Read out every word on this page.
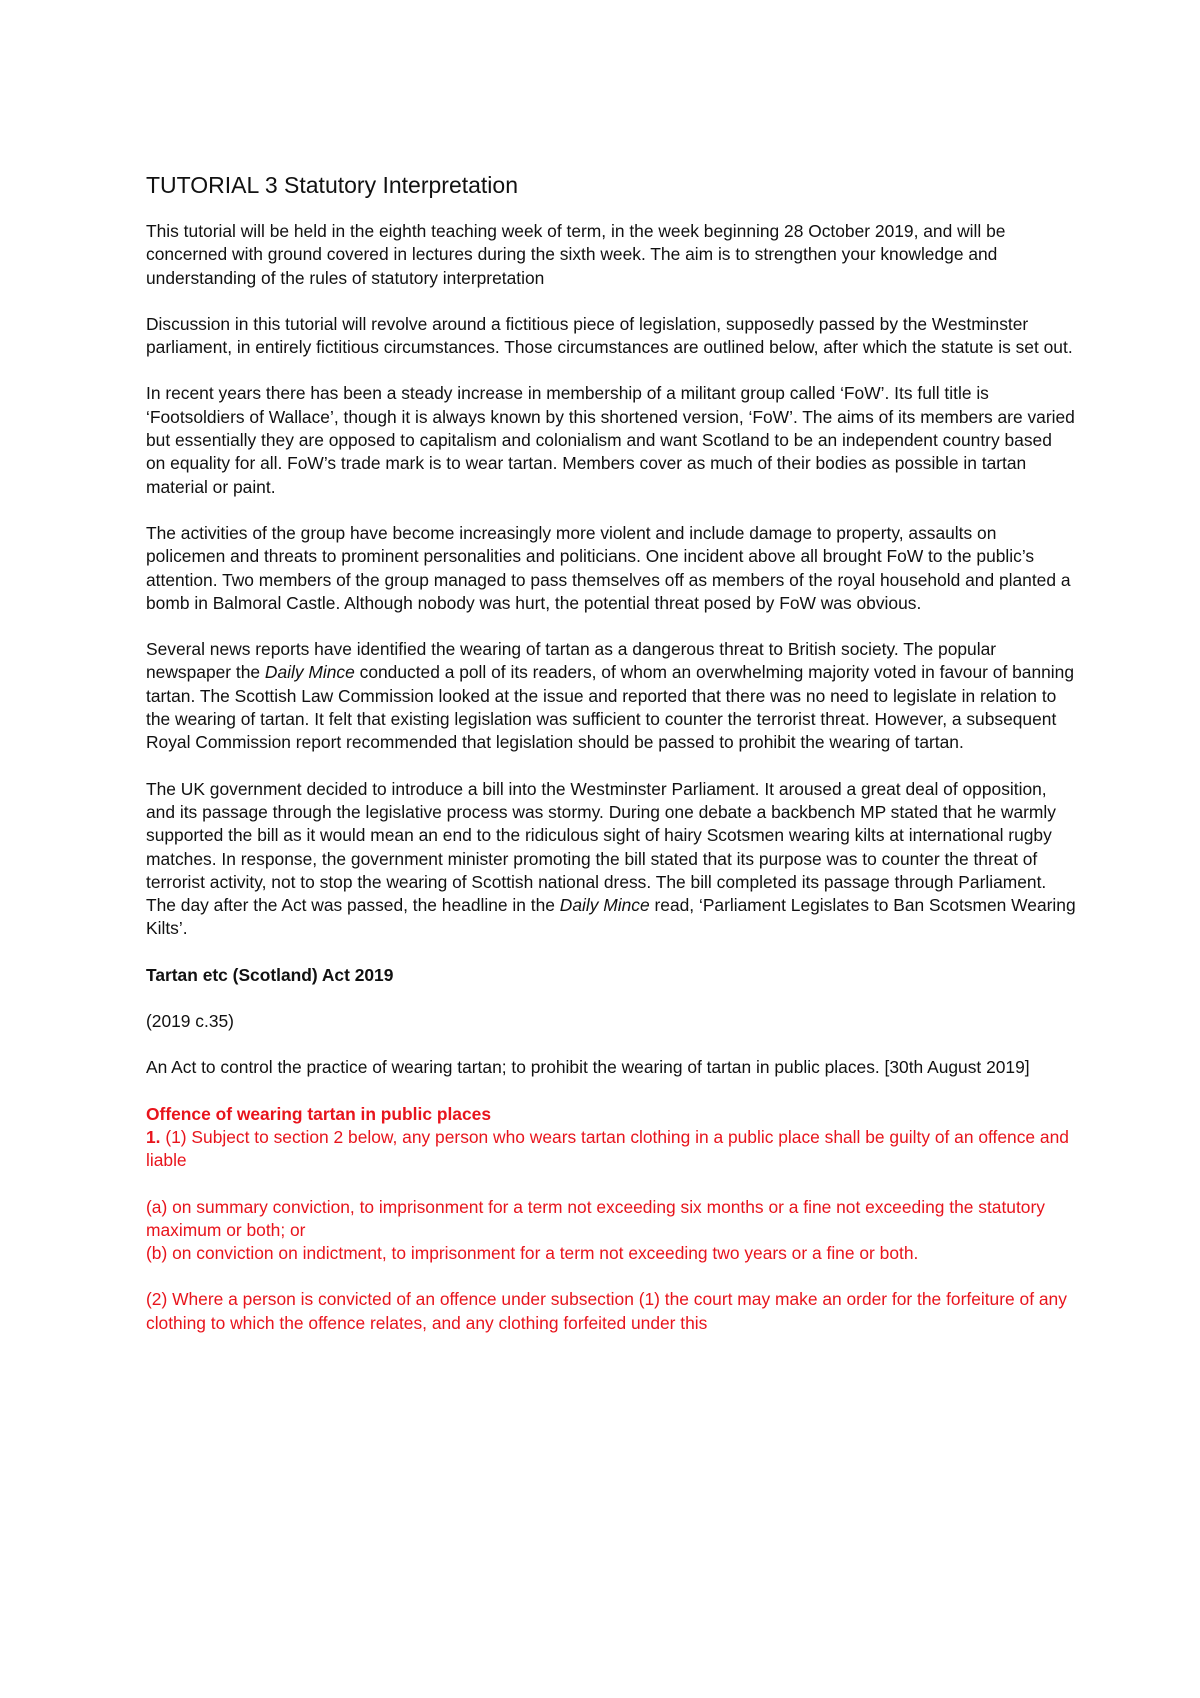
TUTORIAL 3 Statutory Interpretation

This tutorial will be held in the eighth teaching week of term, in the week beginning 28 October 2019, and will be concerned with ground covered in lectures during the sixth week. The aim is to strengthen your knowledge and understanding of the rules of statutory interpretation

Discussion in this tutorial will revolve around a fictitious piece of legislation, supposedly passed by the Westminster parliament, in entirely fictitious circumstances. Those circumstances are outlined below, after which the statute is set out.

In recent years there has been a steady increase in membership of a militant group called ‘FoW’. Its full title is ‘Footsoldiers of Wallace’, though it is always known by this shortened version, ‘FoW’. The aims of its members are varied but essentially they are opposed to capitalism and colonialism and want Scotland to be an independent country based on equality for all. FoW’s trade mark is to wear tartan. Members cover as much of their bodies as possible in tartan material or paint.

The activities of the group have become increasingly more violent and include damage to property, assaults on policemen and threats to prominent personalities and politicians. One incident above all brought FoW to the public’s attention. Two members of the group managed to pass themselves off as members of the royal household and planted a bomb in Balmoral Castle. Although nobody was hurt, the potential threat posed by FoW was obvious.

Several news reports have identified the wearing of tartan as a dangerous threat to British society. The popular newspaper the Daily Mince conducted a poll of its readers, of whom an overwhelming majority voted in favour of banning tartan. The Scottish Law Commission looked at the issue and reported that there was no need to legislate in relation to the wearing of tartan. It felt that existing legislation was sufficient to counter the terrorist threat. However, a subsequent Royal Commission report recommended that legislation should be passed to prohibit the wearing of tartan.

The UK government decided to introduce a bill into the Westminster Parliament. It aroused a great deal of opposition, and its passage through the legislative process was stormy. During one debate a backbench MP stated that he warmly supported the bill as it would mean an end to the ridiculous sight of hairy Scotsmen wearing kilts at international rugby matches. In response, the government minister promoting the bill stated that its purpose was to counter the threat of terrorist activity, not to stop the wearing of Scottish national dress. The bill completed its passage through Parliament. The day after the Act was passed, the headline in the Daily Mince read, ‘Parliament Legislates to Ban Scotsmen Wearing Kilts’.

Tartan etc (Scotland) Act 2019

(2019 c.35)

An Act to control the practice of wearing tartan; to prohibit the wearing of tartan in public places. [30th August 2019]

Offence of wearing tartan in public places

1. (1) Subject to section 2 below, any person who wears tartan clothing in a public place shall be guilty of an offence and liable

(a) on summary conviction, to imprisonment for a term not exceeding six months or a fine not exceeding the statutory maximum or both; or

(b) on conviction on indictment, to imprisonment for a term not exceeding two years or a fine or both.

(2) Where a person is convicted of an offence under subsection (1) the court may make an order for the forfeiture of any clothing to which the offence relates, and any clothing forfeited under this
